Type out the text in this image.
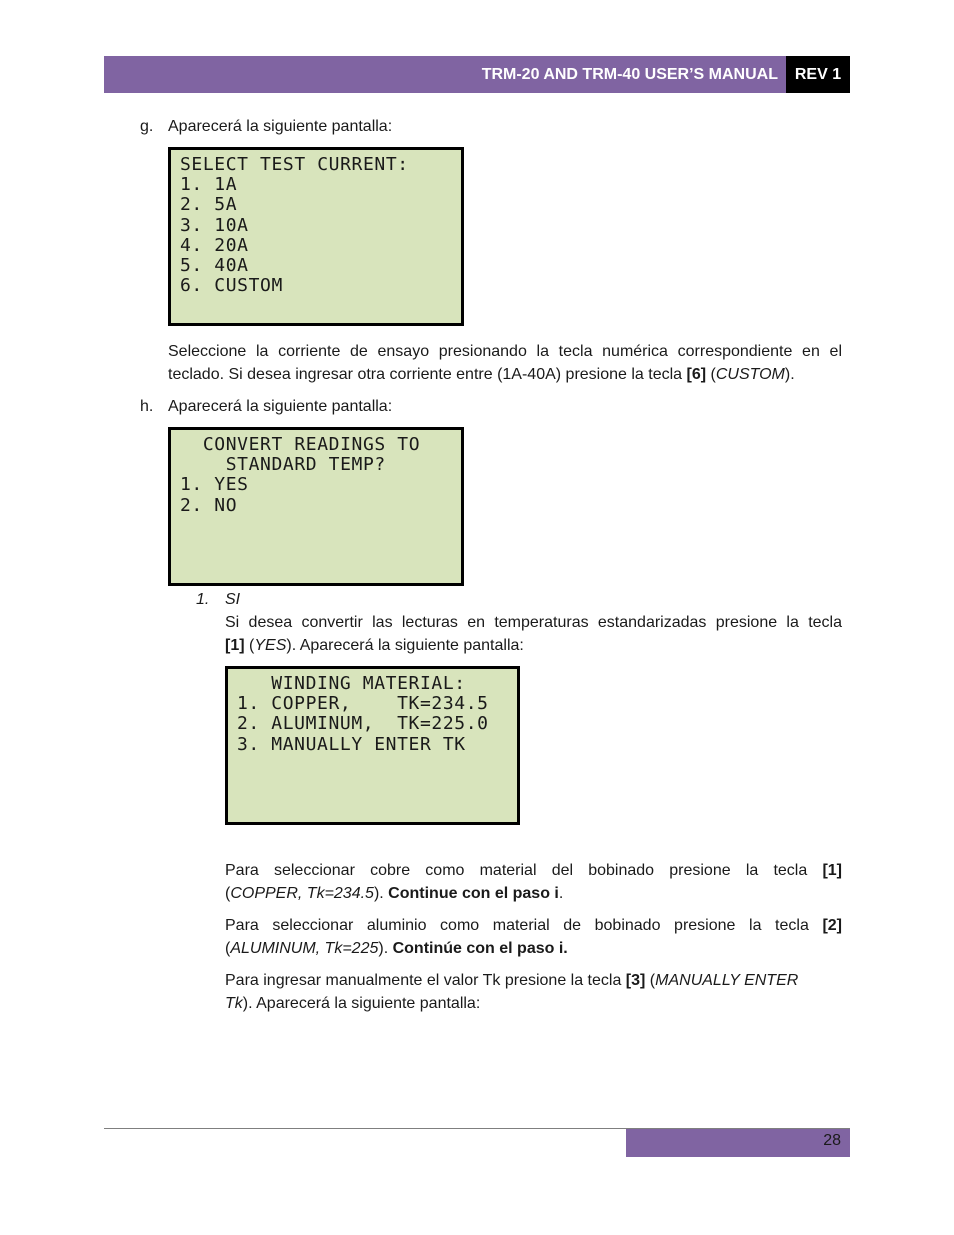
TRM-20 AND TRM-40 USER’S MANUAL	REV 1
g. Aparecerá la siguiente pantalla:
SELECT TEST CURRENT:
1. 1A
2. 5A
3. 10A
4. 20A
5. 40A
6. CUSTOM
Seleccione la corriente de ensayo presionando la tecla numérica correspondiente en el
teclado. Si desea ingresar otra corriente entre (1A-40A) presione la tecla [6] (CUSTOM).
h. Aparecerá la siguiente pantalla:
CONVERT READINGS TO
STANDARD TEMP?
1. YES
2. NO
1. SI
Si desea convertir las lecturas en temperaturas estandarizadas presione la tecla
[1] (YES). Aparecerá la siguiente pantalla:
WINDING MATERIAL:
1. COPPER,    TK=234.5
2. ALUMINUM,  TK=225.0
3. MANUALLY ENTER TK
Para seleccionar cobre como material del bobinado presione la tecla [1]
(COPPER, Tk=234.5). Continue con el paso i.
Para seleccionar aluminio como material de bobinado presione la tecla [2]
(ALUMINUM, Tk=225). Continúe con el paso i.
Para ingresar manualmente el valor Tk presione la tecla [3] (MANUALLY ENTER
Tk). Aparecerá la siguiente pantalla:
28
